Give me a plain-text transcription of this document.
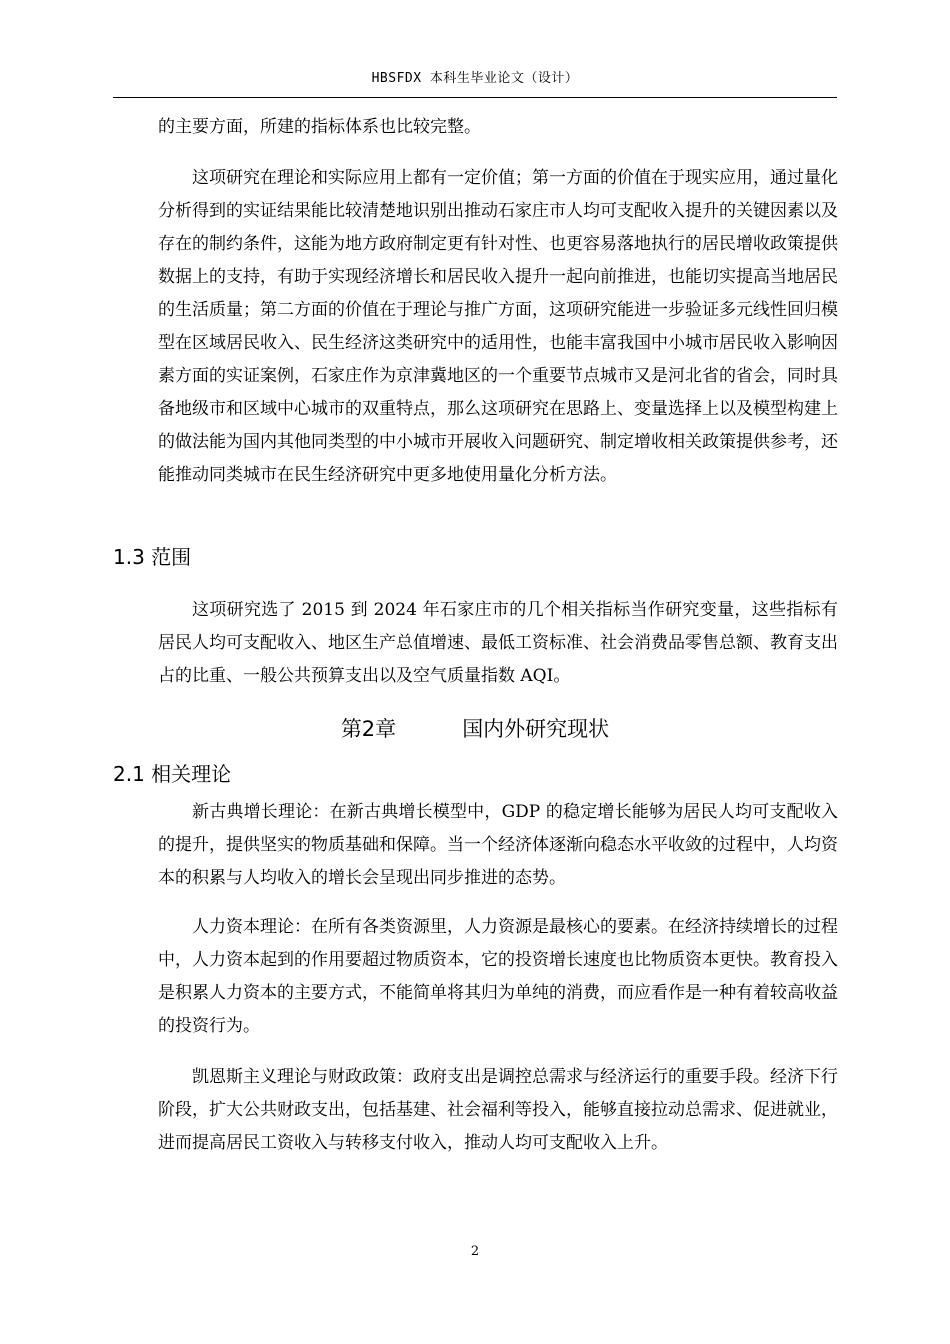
HBSFDX 本科生毕业论文（设计）
的主要方面，所建的指标体系也比较完整。
这项研究在理论和实际应用上都有一定价值；第一方面的价值在于现实应用，通过量化分析得到的实证结果能比较清楚地识别出推动石家庄市人均可支配收入提升的关键因素以及存在的制约条件，这能为地方政府制定更有针对性、也更容易落地执行的居民增收政策提供数据上的支持，有助于实现经济增长和居民收入提升一起向前推进，也能切实提高当地居民的生活质量；第二方面的价值在于理论与推广方面，这项研究能进一步验证多元线性回归模型在区域居民收入、民生经济这类研究中的适用性，也能丰富我国中小城市居民收入影响因素方面的实证案例，石家庄作为京津冀地区的一个重要节点城市又是河北省的省会，同时具备地级市和区域中心城市的双重特点，那么这项研究在思路上、变量选择上以及模型构建上的做法能为国内其他同类型的中小城市开展收入问题研究、制定增收相关政策提供参考，还能推动同类城市在民生经济研究中更多地使用量化分析方法。
1.3 范围
这项研究选了 2015 到 2024 年石家庄市的几个相关指标当作研究变量，这些指标有居民人均可支配收入、地区生产总值增速、最低工资标准、社会消费品零售总额、教育支出占的比重、一般公共预算支出以及空气质量指数 AQI。
第2章	国内外研究现状
2.1 相关理论
新古典增长理论：在新古典增长模型中，GDP 的稳定增长能够为居民人均可支配收入的提升，提供坚实的物质基础和保障。当一个经济体逐渐向稳态水平收敛的过程中，人均资本的积累与人均收入的增长会呈现出同步推进的态势。
人力资本理论：在所有各类资源里，人力资源是最核心的要素。在经济持续增长的过程中，人力资本起到的作用要超过物质资本，它的投资增长速度也比物质资本更快。教育投入是积累人力资本的主要方式，不能简单将其归为单纯的消费，而应看作是一种有着较高收益的投资行为。
凯恩斯主义理论与财政政策：政府支出是调控总需求与经济运行的重要手段。经济下行阶段，扩大公共财政支出，包括基建、社会福利等投入，能够直接拉动总需求、促进就业，进而提高居民工资收入与转移支付收入，推动人均可支配收入上升。
2
